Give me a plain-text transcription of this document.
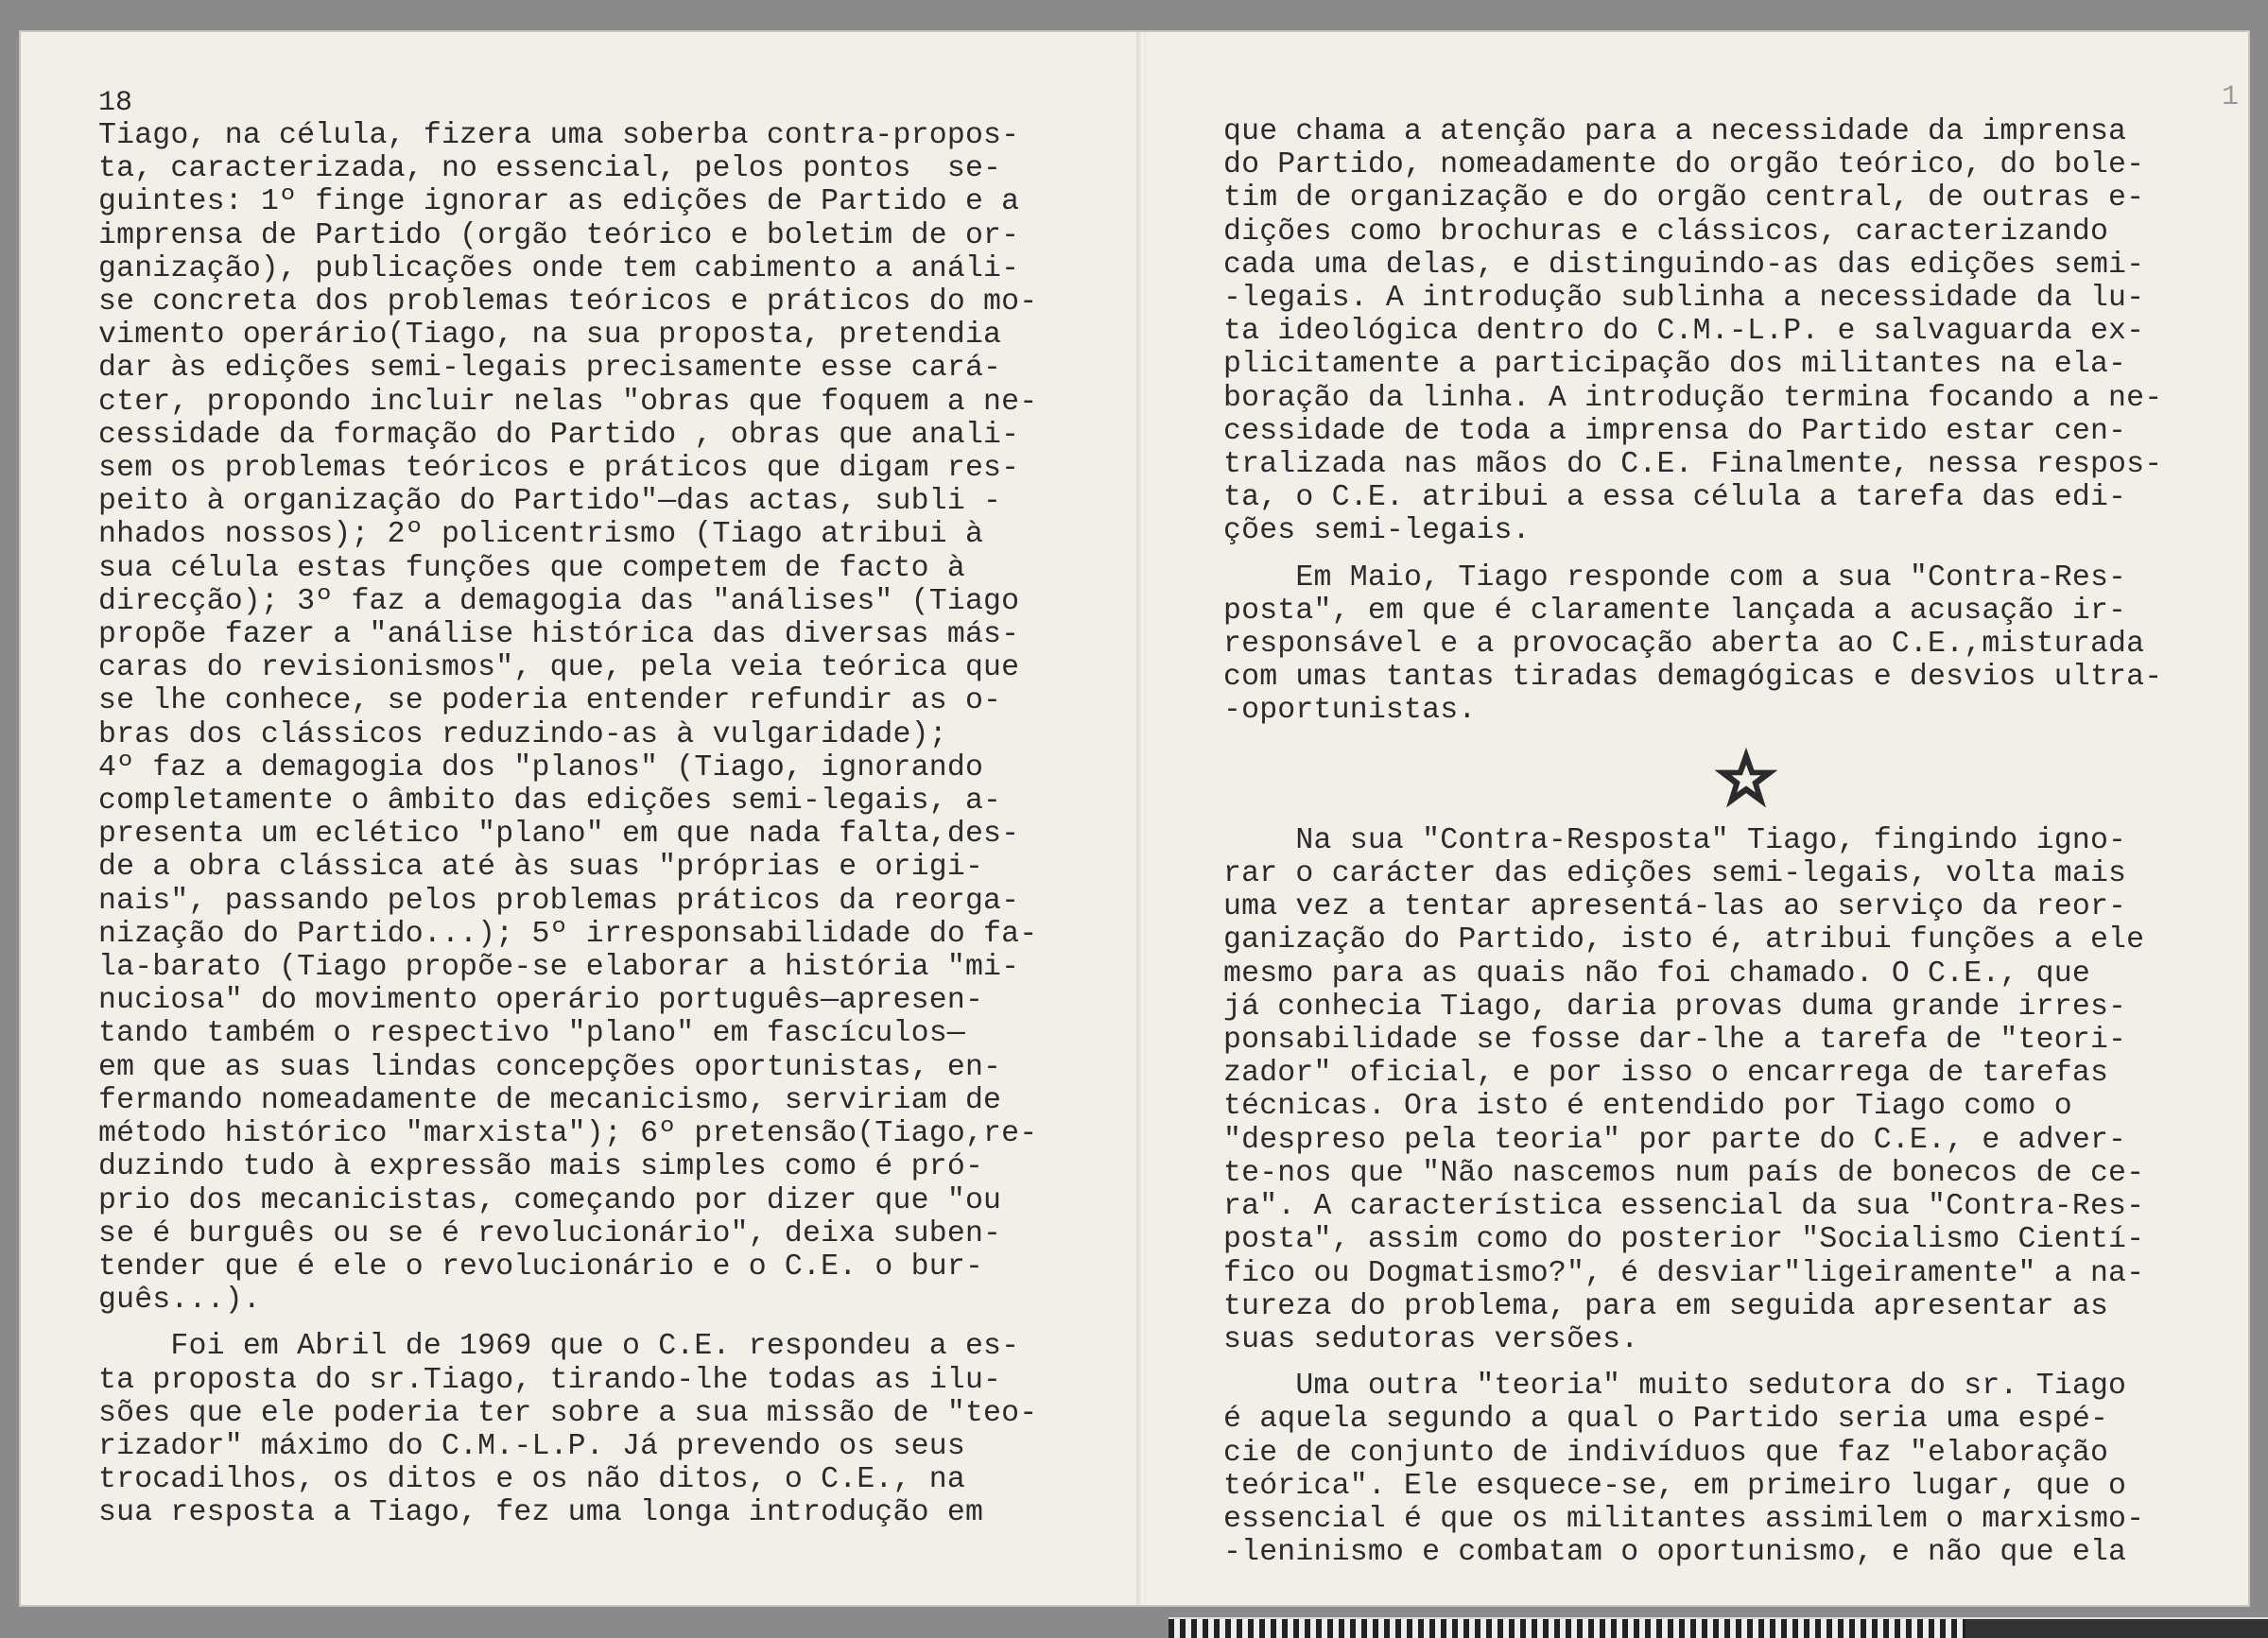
18

Tiago, na célula, fizera uma soberba contra-propos-

ta, caracterizada, no essencial, pelos pontos  se-

guintes: 1º finge ignorar as edições de Partido e a

imprensa de Partido (orgão teórico e boletim de or-

ganização), publicações onde tem cabimento a análi-

se concreta dos problemas teóricos e práticos do mo-

vimento operário(Tiago, na sua proposta, pretendia

dar às edições semi-legais precisamente esse cará-

cter, propondo incluir nelas "obras que foquem a ne-

cessidade da formação do Partido , obras que anali-

sem os problemas teóricos e práticos que digam res-

peito à organização do Partido"—das actas, subli -

nhados nossos); 2º policentrismo (Tiago atribui à

sua célula estas funções que competem de facto à

direcção); 3º faz a demagogia das "análises" (Tiago

propõe fazer a "análise histórica das diversas más-

caras do revisionismos", que, pela veia teórica que

se lhe conhece, se poderia entender refundir as o-

bras dos clássicos reduzindo-as à vulgaridade);

4º faz a demagogia dos "planos" (Tiago, ignorando

completamente o âmbito das edições semi-legais, a-

presenta um eclético "plano" em que nada falta,des-

de a obra clássica até às suas "próprias e origi-

nais", passando pelos problemas práticos da reorga-

nização do Partido...); 5º irresponsabilidade do fa-

la-barato (Tiago propõe-se elaborar a história "mi-

nuciosa" do movimento operário português—apresen-

tando também o respectivo "plano" em fascículos—

em que as suas lindas concepções oportunistas, en-

fermando nomeadamente de mecanicismo, serviriam de

método histórico "marxista"); 6º pretensão(Tiago,re-

duzindo tudo à expressão mais simples como é pró-

prio dos mecanicistas, começando por dizer que "ou

se é burguês ou se é revolucionário", deixa suben-

tender que é ele o revolucionário e o C.E. o bur-

guês...).

Foi em Abril de 1969 que o C.E. respondeu a es-

ta proposta do sr.Tiago, tirando-lhe todas as ilu-

sões que ele poderia ter sobre a sua missão de "teo-

rizador" máximo do C.M.-L.P. Já prevendo os seus

trocadilhos, os ditos e os não ditos, o C.E., na

sua resposta a Tiago, fez uma longa introdução em

1

que chama a atenção para a necessidade da imprensa

do Partido, nomeadamente do orgão teórico, do bole-

tim de organização e do orgão central, de outras e-

dições como brochuras e clássicos, caracterizando

cada uma delas, e distinguindo-as das edições semi-

-legais. A introdução sublinha a necessidade da lu-

ta ideológica dentro do C.M.-L.P. e salvaguarda ex-

plicitamente a participação dos militantes na ela-

boração da linha. A introdução termina focando a ne-

cessidade de toda a imprensa do Partido estar cen-

tralizada nas mãos do C.E. Finalmente, nessa respos-

ta, o C.E. atribui a essa célula a tarefa das edi-

ções semi-legais.

Em Maio, Tiago responde com a sua "Contra-Res-

posta", em que é claramente lançada a acusação ir-

responsável e a provocação aberta ao C.E.,misturada

com umas tantas tiradas demagógicas e desvios ultra-

-oportunistas.

Na sua "Contra-Resposta" Tiago, fingindo igno-

rar o carácter das edições semi-legais, volta mais

uma vez a tentar apresentá-las ao serviço da reor-

ganização do Partido, isto é, atribui funções a ele

mesmo para as quais não foi chamado. O C.E., que

já conhecia Tiago, daria provas duma grande irres-

ponsabilidade se fosse dar-lhe a tarefa de "teori-

zador" oficial, e por isso o encarrega de tarefas

técnicas. Ora isto é entendido por Tiago como o

"despreso pela teoria" por parte do C.E., e adver-

te-nos que "Não nascemos num país de bonecos de ce-

ra". A característica essencial da sua "Contra-Res-

posta", assim como do posterior "Socialismo Cientí-

fico ou Dogmatismo?", é desviar"ligeiramente" a na-

tureza do problema, para em seguida apresentar as

suas sedutoras versões.

Uma outra "teoria" muito sedutora do sr. Tiago

é aquela segundo a qual o Partido seria uma espé-

cie de conjunto de indivíduos que faz "elaboração

teórica". Ele esquece-se, em primeiro lugar, que o

essencial é que os militantes assimilem o marxismo-

-leninismo e combatam o oportunismo, e não que ela
